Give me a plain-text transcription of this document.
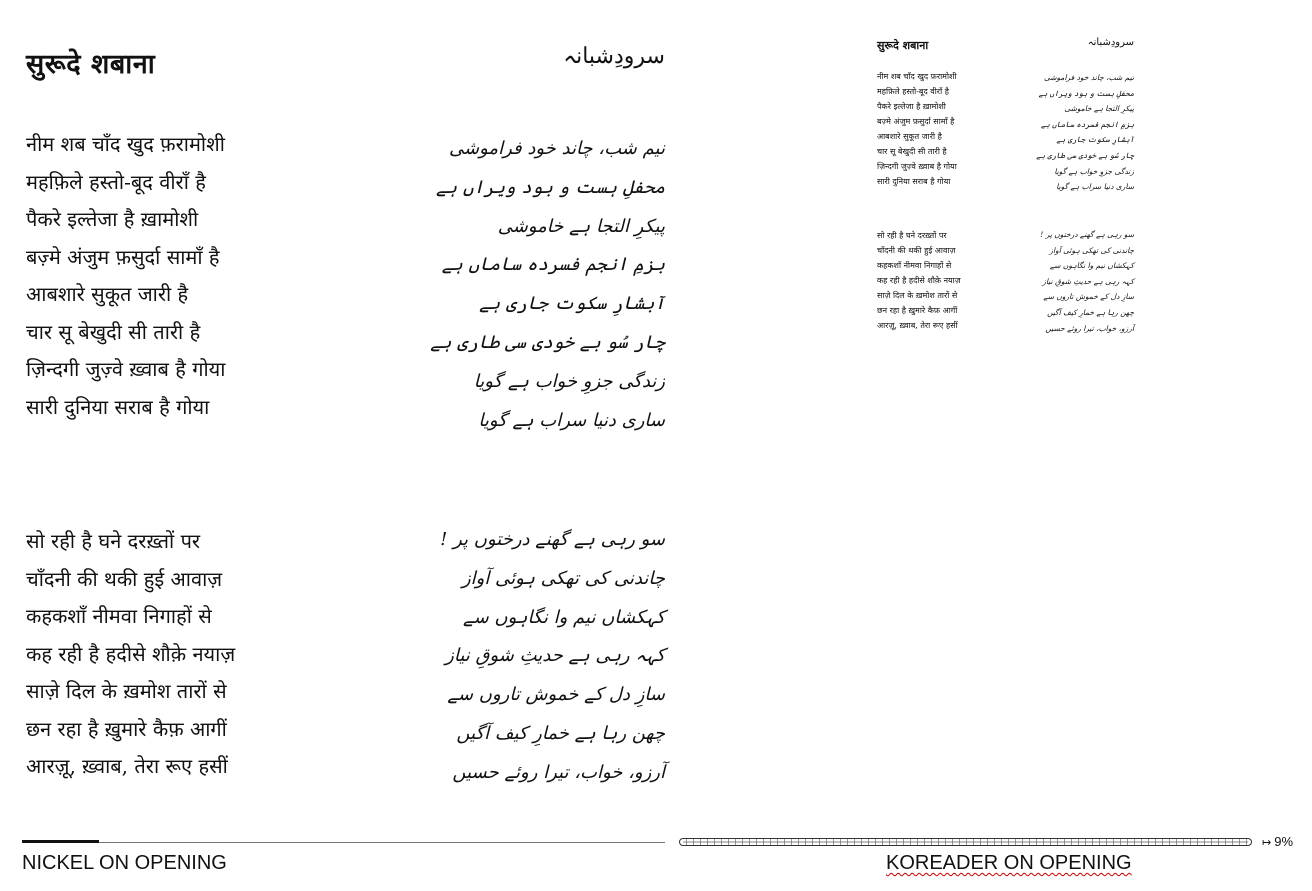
सुरूदे शबाना	سرودِشبانہ
नीम शब चाँद खुद फ़रामोशी
महफ़िले हस्तो-बूद वीराँ है
पैकरे इल्तेजा है ख़ामोशी
बज़्मे अंजुम फ़सुर्दा सामाँ है
आबशारे सुकूत जारी है
चार सू बेखुदी सी तारी है
ज़िन्दगी जुज़्वे ख़्वाब है गोया
सारी दुनिया सराब है गोया
सो रही है घने दरख़्तों पर
चाँदनी की थकी हुई आवाज़
कहकशाँ नीमवा निगाहों से
कह रही है हदीसे शौक़े नयाज़
साज़े दिल के ख़मोश तारों से
छन रहा है ख़ुमारे कैफ़ आगीं
आरज़ू, ख़्वाब, तेरा रूए हसीं
نیم شب، چاند خود فراموشی
محفلِ ہست و بود ویراں ہے
پیکرِ التجا ہے خاموشی
بزمِ انجم فسردہ ساماں ہے
آبشارِ سکوت جاری ہے
چار سُو بے خودی سی طاری ہے
زندگی جزوِ خواب ہے گویا
ساری دنیا سراب ہے گویا
سو رہی ہے گھنے درختوں پر !
چاندنی کی تھکی ہوئی آواز
کہکشاں نیم وا نگاہوں سے
کہہ رہی ہے حدیثِ شوقِ نیاز
سازِ دل کے خموش تاروں سے
چھن رہا ہے خمارِ کیف آگیں
آرزو، خواب، تیرا روئے حسیں
NICKEL ON OPENING
सुरूदे शबाना	سرودِشبانہ
नीम शब चाँद खुद फ़रामोशी
महफ़िले हस्तो-बूद वीराँ है
पैकरे इल्तेजा है ख़ामोशी
बज़्मे अंजुम फ़सुर्दा सामाँ है
आबशारे सुकूत जारी है
चार सू बेखुदी सी तारी है
ज़िन्दगी जुज़्वे ख़्वाब है गोया
सारी दुनिया सराब है गोया
सो रही है घने दरख़्तों पर
चाँदनी की थकी हुई आवाज़
कहकशाँ नीमवा निगाहों से
कह रही है हदीसे शौक़े नयाज़
साज़े दिल के ख़मोश तारों से
छन रहा है ख़ुमारे कैफ़ आगीं
आरज़ू, ख़्वाब, तेरा रूए हसीं
نیم شب، چاند خود فراموشی
محفلِ ہست و بود ویراں ہے
پیکرِ التجا ہے خاموشی
بزمِ انجم فسردہ ساماں ہے
آبشارِ سکوت جاری ہے
چار سُو بے خودی سی طاری ہے
زندگی جزوِ خواب ہے گویا
ساری دنیا سراب ہے گویا
سو رہی ہے گھنے درختوں پر !
چاندنی کی تھکی ہوئی آواز
کہکشاں نیم وا نگاہوں سے
کہہ رہی ہے حدیثِ شوقِ نیاز
سازِ دل کے خموش تاروں سے
چھن رہا ہے خمارِ کیف آگیں
آرزو، خواب، تیرا روئے حسیں
↦ 9%
KOREADER ON OPENING
